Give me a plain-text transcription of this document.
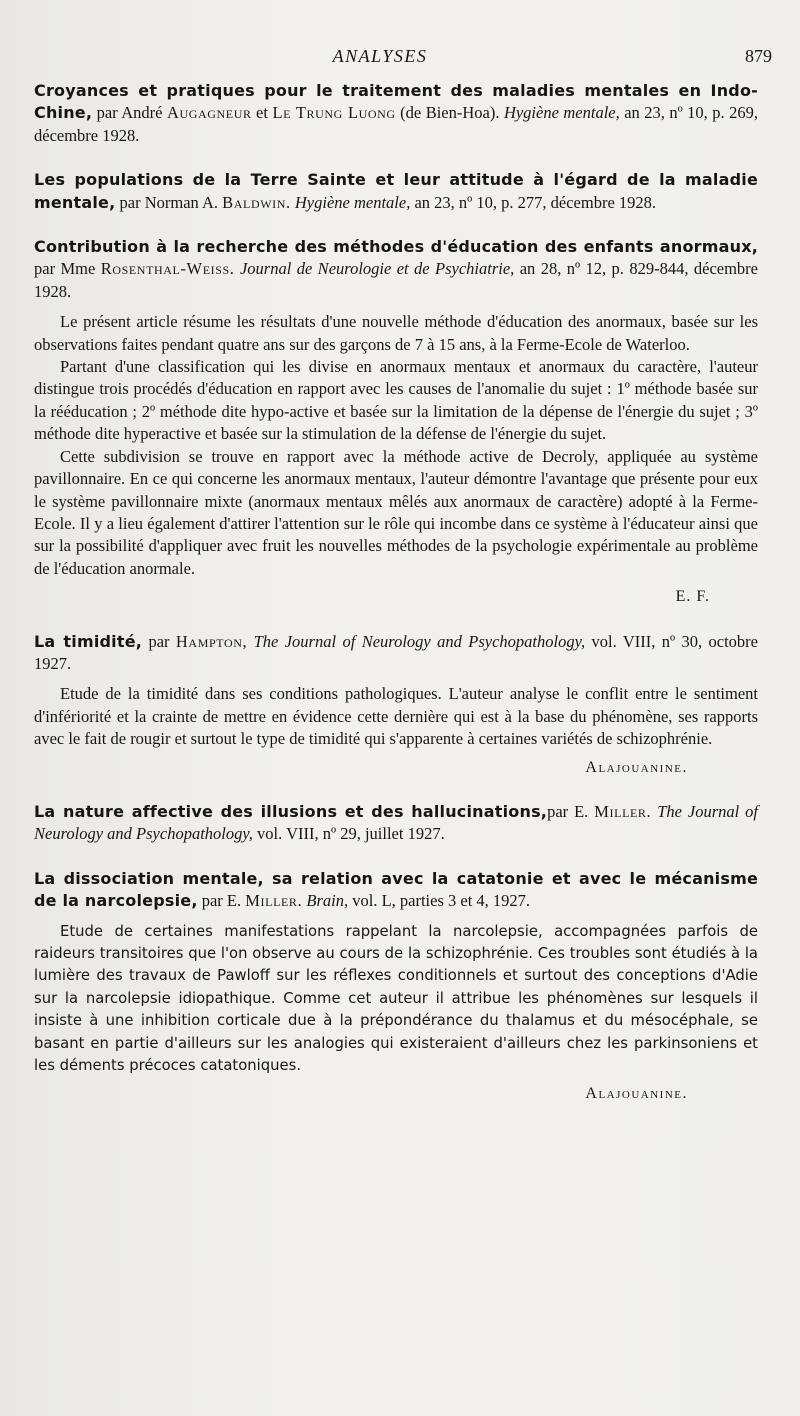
ANALYSES	879

Croyances et pratiques pour le traitement des maladies mentales en Indo-Chine, par André Augagneur et Le Trung Luong (de Bien-Hoa). Hygiène mentale, an 23, nº 10, p. 269, décembre 1928.

Les populations de la Terre Sainte et leur attitude à l'égard de la maladie mentale, par Norman A. Baldwin. Hygiène mentale, an 23, nº 10, p. 277, décembre 1928.

Contribution à la recherche des méthodes d'éducation des enfants anormaux, par Mme Rosenthal-Weiss. Journal de Neurologie et de Psychiatrie, an 28, nº 12, p. 829-844, décembre 1928.

Le présent article résume les résultats d'une nouvelle méthode d'éducation des anormaux, basée sur les observations faites pendant quatre ans sur des garçons de 7 à 15 ans, à la Ferme-Ecole de Waterloo.

Partant d'une classification qui les divise en anormaux mentaux et anormaux du caractère, l'auteur distingue trois procédés d'éducation en rapport avec les causes de l'anomalie du sujet : 1º méthode basée sur la rééducation ; 2º méthode dite hypo-active et basée sur la limitation de la dépense de l'énergie du sujet ; 3º méthode dite hyperactive et basée sur la stimulation de la défense de l'énergie du sujet.

Cette subdivision se trouve en rapport avec la méthode active de Decroly, appliquée au système pavillonnaire. En ce qui concerne les anormaux mentaux, l'auteur démontre l'avantage que présente pour eux le système pavillonnaire mixte (anormaux mentaux mêlés aux anormaux de caractère) adopté à la Ferme-Ecole. Il y a lieu également d'attirer l'attention sur le rôle qui incombe dans ce système à l'éducateur ainsi que sur la possibilité d'appliquer avec fruit les nouvelles méthodes de la psychologie expérimentale au problème de l'éducation anormale.

E. F.

La timidité, par Hampton, The Journal of Neurology and Psychopathology, vol. VIII, nº 30, octobre 1927.

Etude de la timidité dans ses conditions pathologiques. L'auteur analyse le conflit entre le sentiment d'infériorité et la crainte de mettre en évidence cette dernière qui est à la base du phénomène, ses rapports avec le fait de rougir et surtout le type de timidité qui s'apparente à certaines variétés de schizophrénie.

Alajouanine.

La nature affective des illusions et des hallucinations,par E. Miller. The Journal of Neurology and Psychopathology, vol. VIII, nº 29, juillet 1927.

La dissociation mentale, sa relation avec la catatonie et avec le mécanisme de la narcolepsie, par E. Miller. Brain, vol. L, parties 3 et 4, 1927.

Etude de certaines manifestations rappelant la narcolepsie, accompagnées parfois de raideurs transitoires que l'on observe au cours de la schizophrénie. Ces troubles sont étudiés à la lumière des travaux de Pawloff sur les réflexes conditionnels et surtout des conceptions d'Adie sur la narcolepsie idiopathique. Comme cet auteur il attribue les phénomènes sur lesquels il insiste à une inhibition corticale due à la prépondérance du thalamus et du mésocéphale, se basant en partie d'ailleurs sur les analogies qui existeraient d'ailleurs chez les parkinsoniens et les déments précoces catatoniques.

Alajouanine.
